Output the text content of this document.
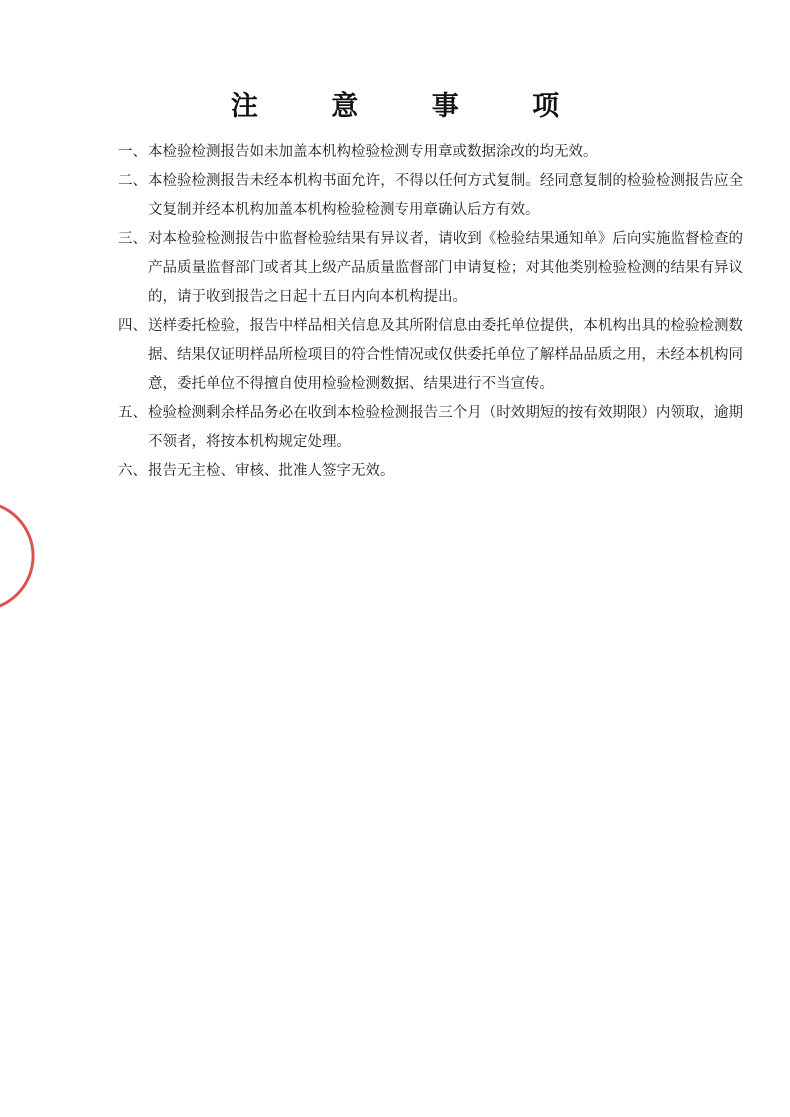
注 意 事 项
一、 本检验检测报告如未加盖本机构检验检测专用章或数据涂改的均无效。
二、 本检验检测报告未经本机构书面允许，不得以任何方式复制。经同意复制的检验检测报告应全文复制并经本机构加盖本机构检验检测专用章确认后方有效。
三、 对本检验检测报告中监督检验结果有异议者，请收到《检验结果通知单》后向实施监督检查的产品质量监督部门或者其上级产品质量监督部门申请复检；对其他类别检验检测的结果有异议的，请于收到报告之日起十五日内向本机构提出。
四、 送样委托检验，报告中样品相关信息及其所附信息由委托单位提供，本机构出具的检验检测数据、结果仅证明样品所检项目的符合性情况或仅供委托单位了解样品品质之用，未经本机构同意，委托单位不得擅自使用检验检测数据、结果进行不当宣传。
五、 检验检测剩余样品务必在收到本检验检测报告三个月（时效期短的按有效期限）内领取，逾期不领者，将按本机构规定处理。
六、 报告无主检、审核、批准人签字无效。
